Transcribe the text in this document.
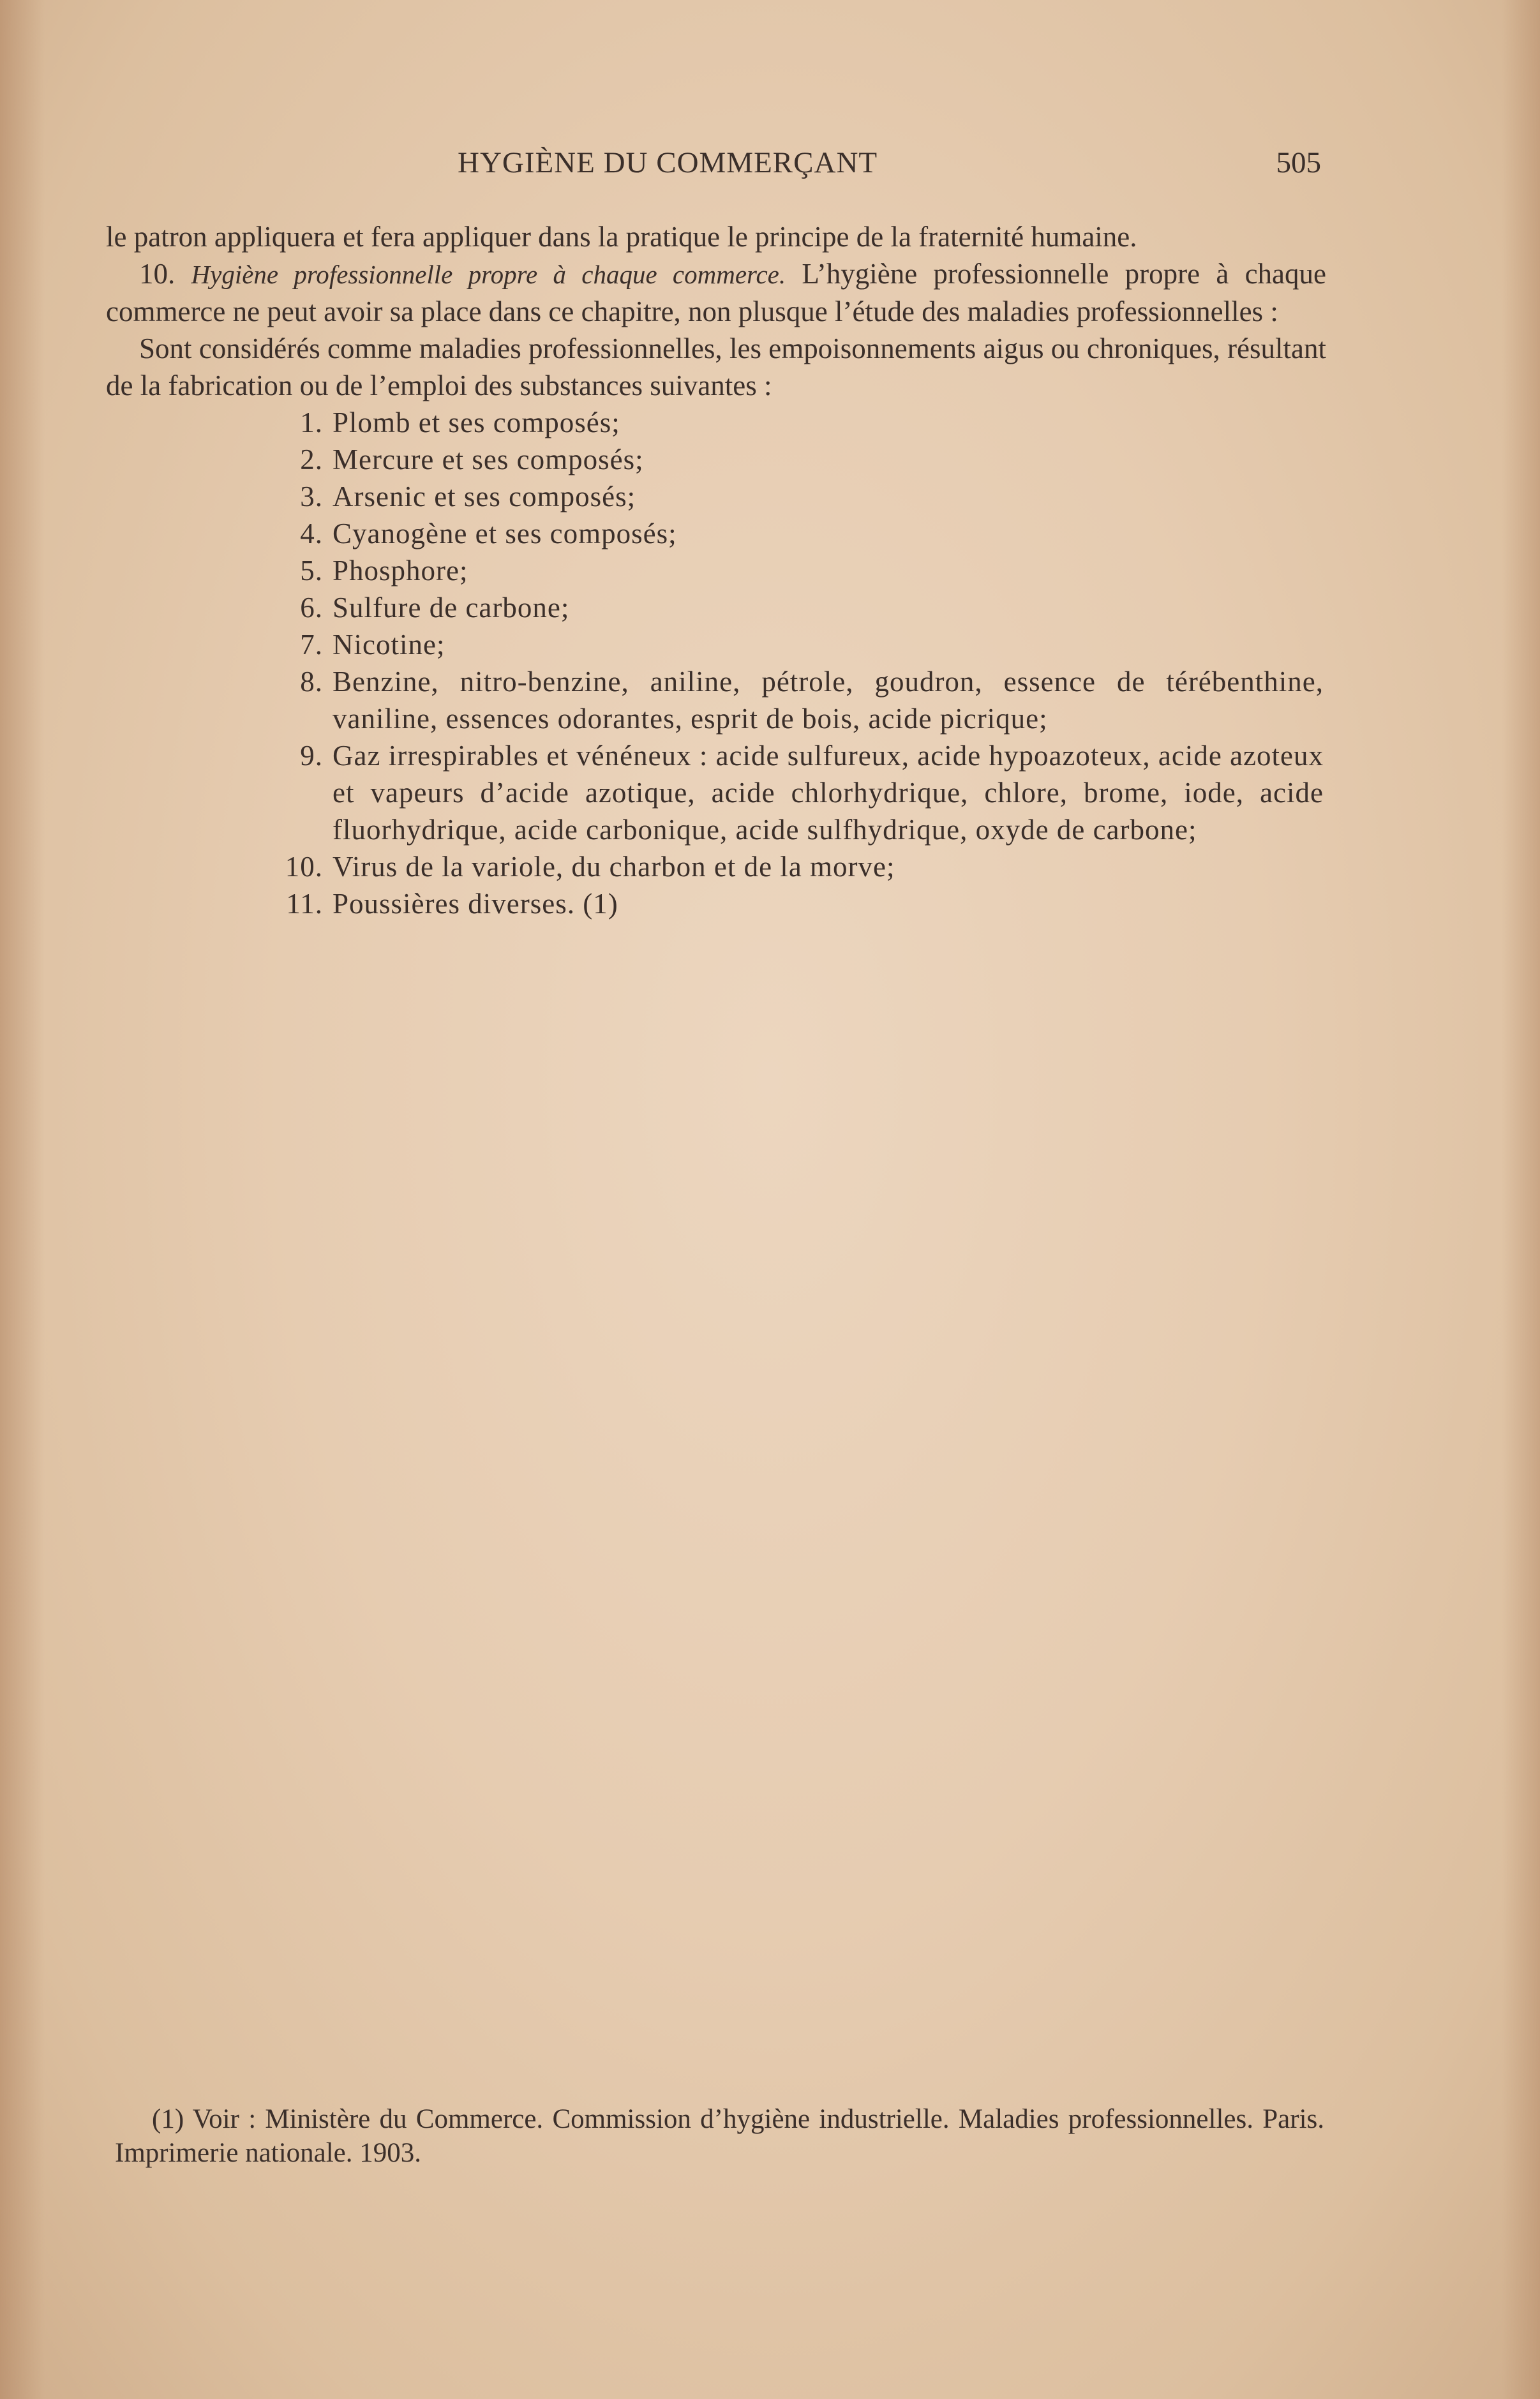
HYGIÈNE DU COMMERÇANT	505

le patron appliquera et fera appliquer dans la pratique le principe de la fraternité humaine.

10. Hygiène professionnelle propre à chaque commerce. L’hygiène professionnelle propre à chaque commerce ne peut avoir sa place dans ce chapitre, non plusque l’étude des maladies professionnelles :

Sont considérés comme maladies professionnelles, les empoisonnements aigus ou chroniques, résultant de la fabrication ou de l’emploi des substances suivantes :

1. Plomb et ses composés;
2. Mercure et ses composés;
3. Arsenic et ses composés;
4. Cyanogène et ses composés;
5. Phosphore;
6. Sulfure de carbone;
7. Nicotine;
8. Benzine, nitro-benzine, aniline, pétrole, goudron, essence de térébenthine, vaniline, essences odorantes, esprit de bois, acide picrique;
9. Gaz irrespirables et vénéneux : acide sulfureux, acide hypoazoteux, acide azoteux et vapeurs d’acide azotique, acide chlorhydrique, chlore, brome, iode, acide fluorhydrique, acide carbonique, acide sulfhydrique, oxyde de carbone;
10. Virus de la variole, du charbon et de la morve;
11. Poussières diverses. (1)

(1) Voir : Ministère du Commerce. Commission d’hygiène industrielle. Maladies professionnelles. Paris. Imprimerie nationale. 1903.
